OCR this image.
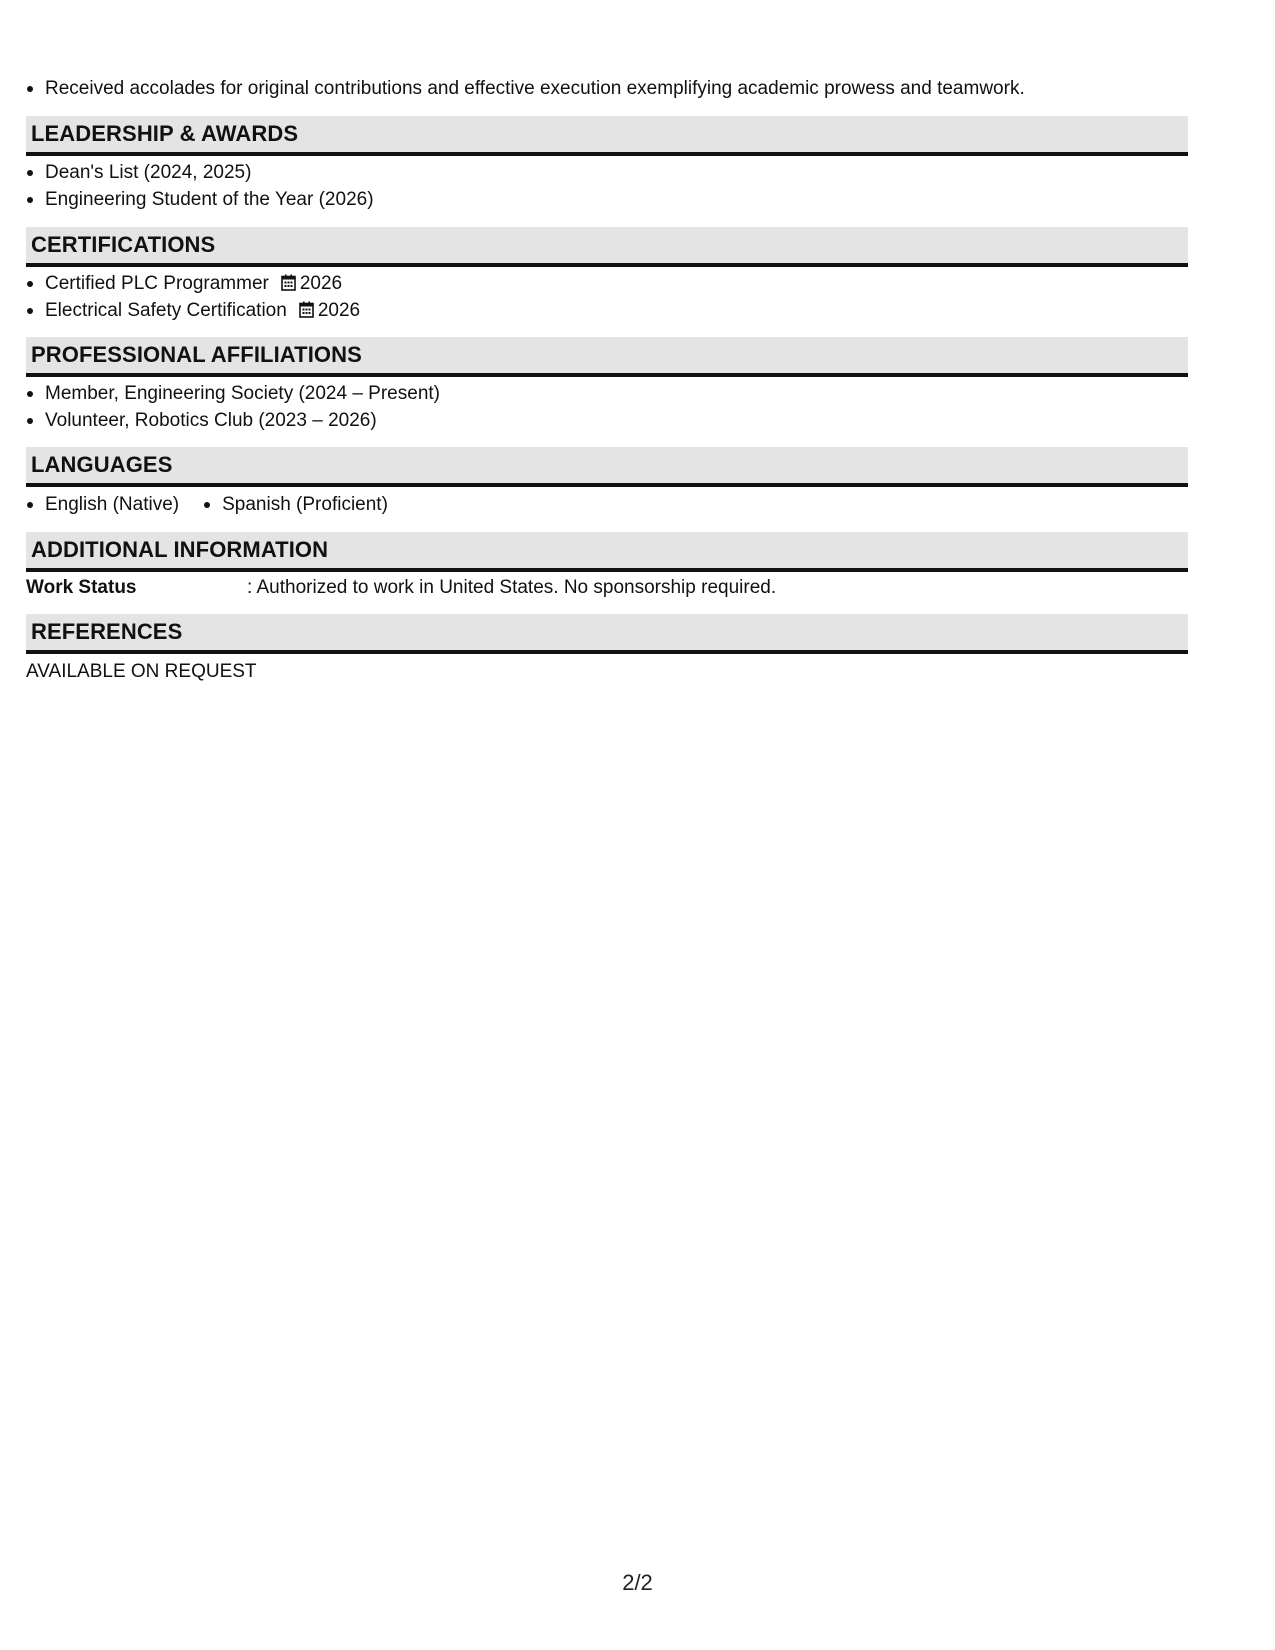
Received accolades for original contributions and effective execution exemplifying academic prowess and teamwork.
LEADERSHIP & AWARDS
Dean's List (2024, 2025)
Engineering Student of the Year (2026)
CERTIFICATIONS
Certified PLC Programmer 2026
Electrical Safety Certification 2026
PROFESSIONAL AFFILIATIONS
Member, Engineering Society (2024 – Present)
Volunteer, Robotics Club (2023 – 2026)
LANGUAGES
English (Native)	Spanish (Proficient)
ADDITIONAL INFORMATION
Work Status	: Authorized to work in United States. No sponsorship required.
REFERENCES
AVAILABLE ON REQUEST
2/2
